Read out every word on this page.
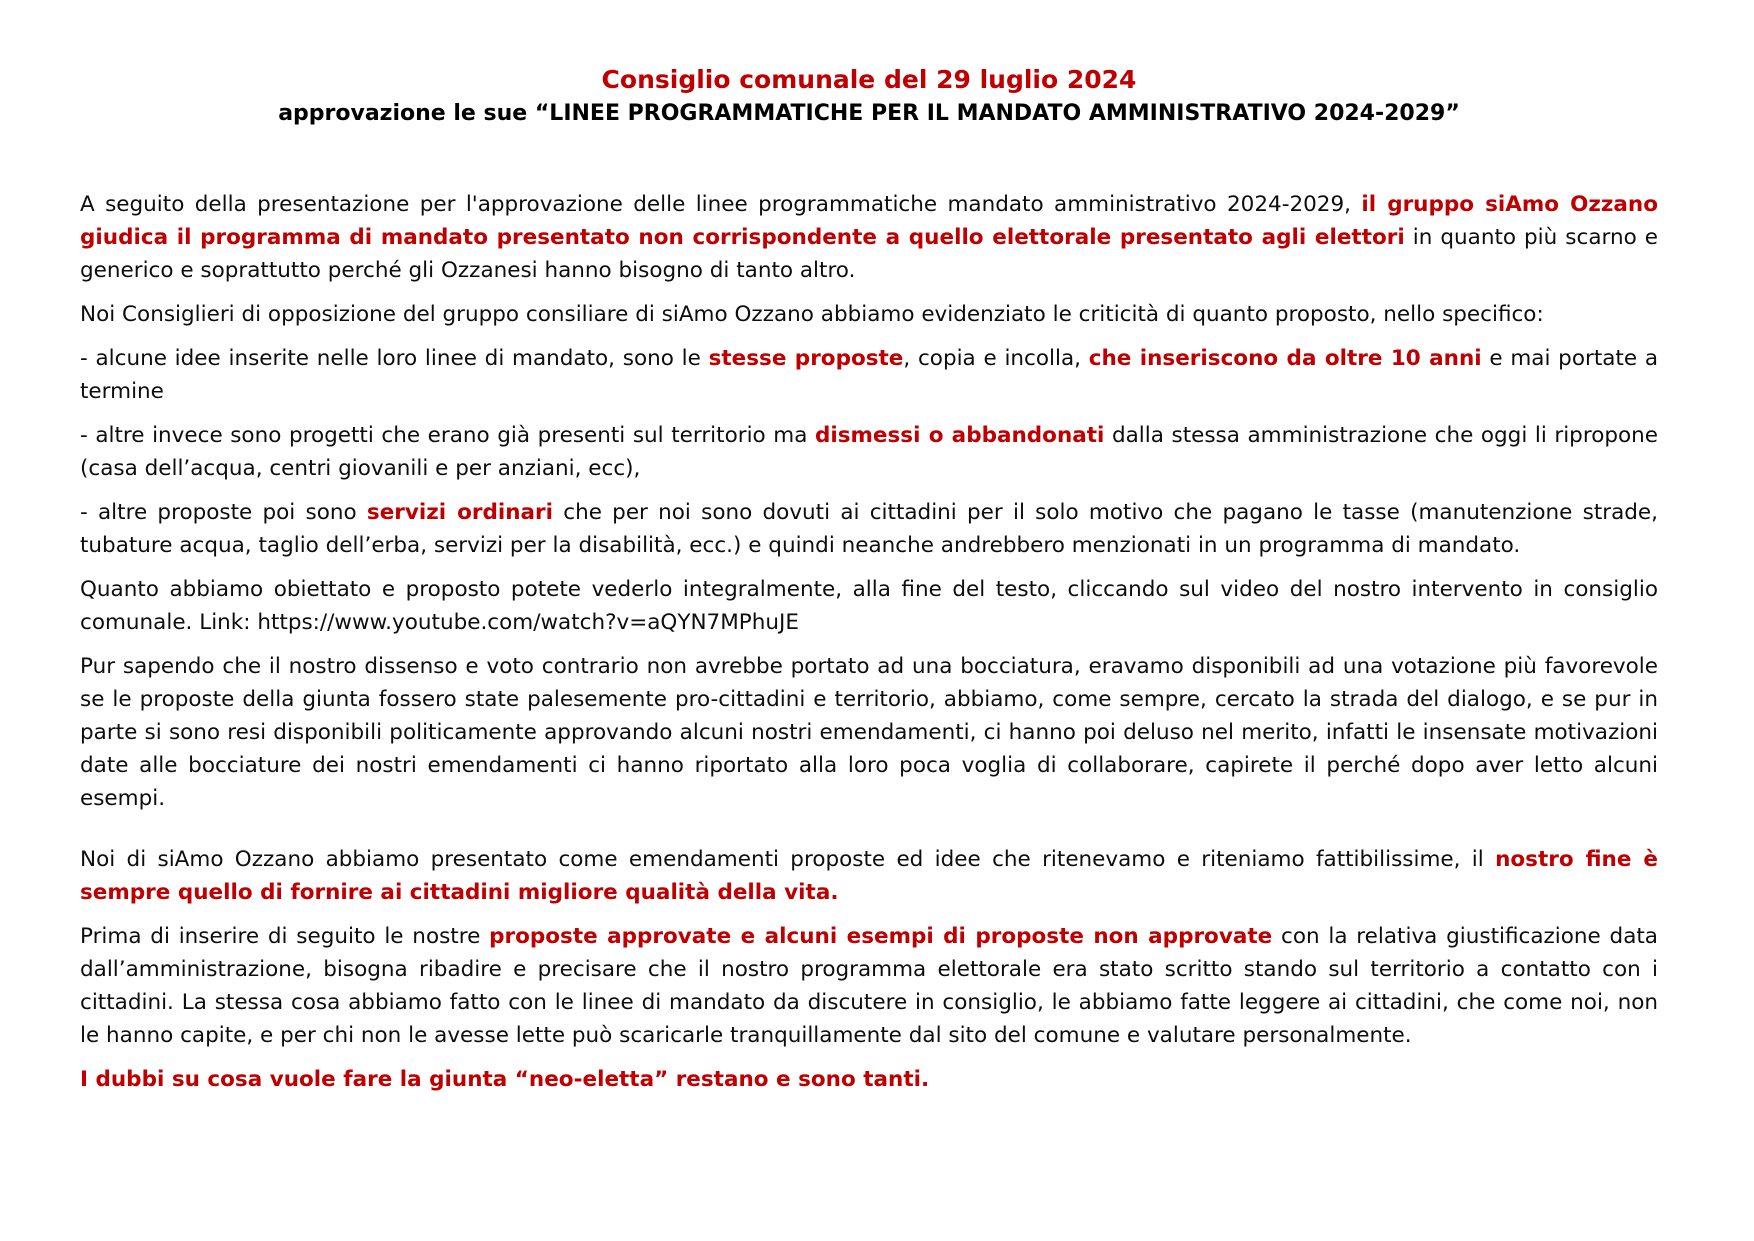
Consiglio comunale del 29 luglio 2024
approvazione le sue “LINEE PROGRAMMATICHE PER IL MANDATO AMMINISTRATIVO 2024-2029”

A seguito della presentazione per l'approvazione delle linee programmatiche mandato amministrativo 2024-2029, il gruppo siAmo Ozzano giudica il programma di mandato presentato non corrispondente a quello elettorale presentato agli elettori in quanto più scarno e generico e soprattutto perché gli Ozzanesi hanno bisogno di tanto altro.

Noi Consiglieri di opposizione del gruppo consiliare di siAmo Ozzano abbiamo evidenziato le criticità di quanto proposto, nello specifico:

- alcune idee inserite nelle loro linee di mandato, sono le stesse proposte, copia e incolla, che inseriscono da oltre 10 anni e mai portate a termine

- altre invece sono progetti che erano già presenti sul territorio ma dismessi o abbandonati dalla stessa amministrazione che oggi li ripropone (casa dell’acqua, centri giovanili e per anziani, ecc),

- altre proposte poi sono servizi ordinari che per noi sono dovuti ai cittadini per il solo motivo che pagano le tasse (manutenzione strade, tubature acqua, taglio dell’erba, servizi per la disabilità, ecc.) e quindi neanche andrebbero menzionati in un programma di mandato.

Quanto abbiamo obiettato e proposto potete vederlo integralmente, alla fine del testo, cliccando sul video del nostro intervento in consiglio comunale. Link: https://www.youtube.com/watch?v=aQYN7MPhuJE

Pur sapendo che il nostro dissenso e voto contrario non avrebbe portato ad una bocciatura, eravamo disponibili ad una votazione più favorevole se le proposte della giunta fossero state palesemente pro-cittadini e territorio, abbiamo, come sempre, cercato la strada del dialogo, e se pur in parte si sono resi disponibili politicamente approvando alcuni nostri emendamenti, ci hanno poi deluso nel merito, infatti le insensate motivazioni date alle bocciature dei nostri emendamenti ci hanno riportato alla loro poca voglia di collaborare, capirete il perché dopo aver letto alcuni esempi.

Noi di siAmo Ozzano abbiamo presentato come emendamenti proposte ed idee che ritenevamo e riteniamo fattibilissime, il nostro fine è sempre quello di fornire ai cittadini migliore qualità della vita.

Prima di inserire di seguito le nostre proposte approvate e alcuni esempi di proposte non approvate con la relativa giustificazione data dall’amministrazione, bisogna ribadire e precisare che il nostro programma elettorale era stato scritto stando sul territorio a contatto con i cittadini. La stessa cosa abbiamo fatto con le linee di mandato da discutere in consiglio, le abbiamo fatte leggere ai cittadini, che come noi, non le hanno capite, e per chi non le avesse lette può scaricarle tranquillamente dal sito del comune e valutare personalmente.

I dubbi su cosa vuole fare la giunta “neo-eletta” restano e sono tanti.
